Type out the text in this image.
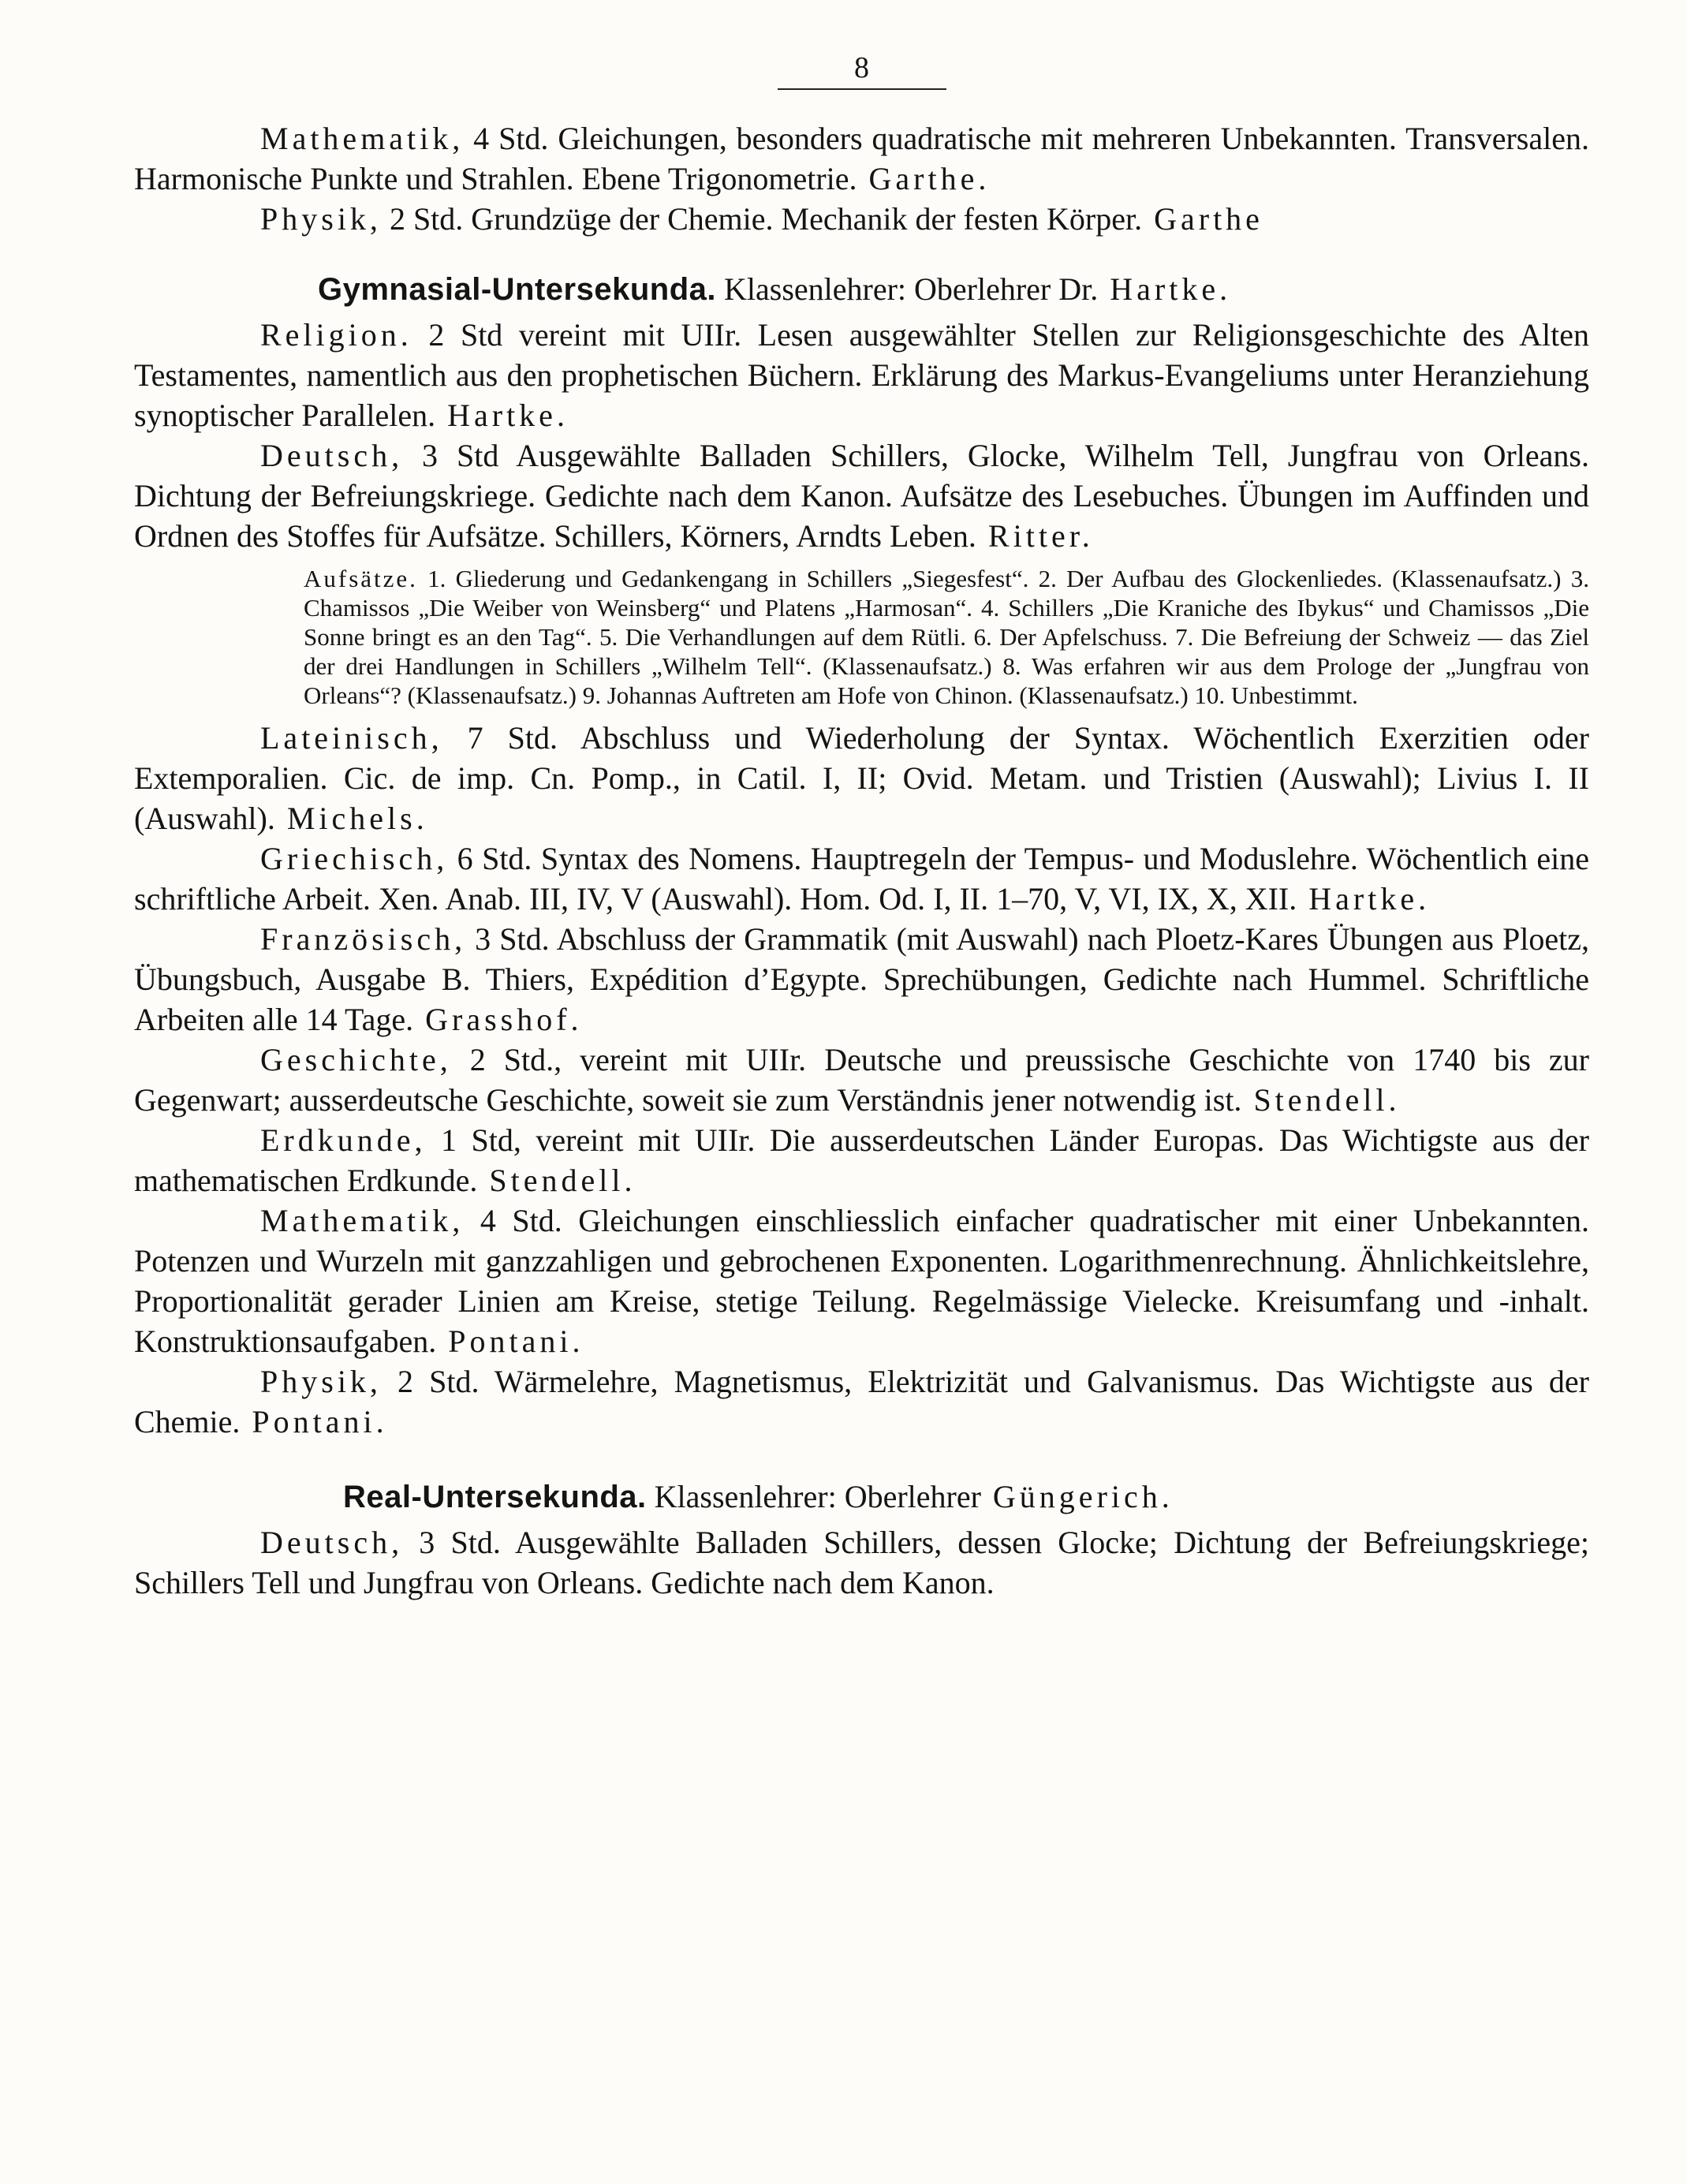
8

Mathematik, 4 Std. Gleichungen, besonders quadratische mit mehreren Unbekannten. Transversalen. Harmonische Punkte und Strahlen. Ebene Trigonometrie. Garthe.

Physik, 2 Std. Grundzüge der Chemie. Mechanik der festen Körper. Garthe

Gymnasial-Untersekunda. Klassenlehrer: Oberlehrer Dr. Hartke.

Religion. 2 Std vereint mit UIIr. Lesen ausgewählter Stellen zur Religionsgeschichte des Alten Testamentes, namentlich aus den prophetischen Büchern. Erklärung des Markus-Evangeliums unter Heranziehung synoptischer Parallelen. Hartke.

Deutsch, 3 Std Ausgewählte Balladen Schillers, Glocke, Wilhelm Tell, Jungfrau von Orleans. Dichtung der Befreiungskriege. Gedichte nach dem Kanon. Aufsätze des Lesebuches. Übungen im Auffinden und Ordnen des Stoffes für Aufsätze. Schillers, Körners, Arndts Leben. Ritter.

Aufsätze. 1. Gliederung und Gedankengang in Schillers „Siegesfest“. 2. Der Aufbau des Glockenliedes. (Klassenaufsatz.) 3. Chamissos „Die Weiber von Weinsberg“ und Platens „Harmosan“. 4. Schillers „Die Kraniche des Ibykus“ und Chamissos „Die Sonne bringt es an den Tag“. 5. Die Verhandlungen auf dem Rütli. 6. Der Apfelschuss. 7. Die Befreiung der Schweiz — das Ziel der drei Handlungen in Schillers „Wilhelm Tell“. (Klassenaufsatz.) 8. Was erfahren wir aus dem Prologe der „Jungfrau von Orleans“? (Klassenaufsatz.) 9. Johannas Auftreten am Hofe von Chinon. (Klassenaufsatz.) 10. Unbestimmt.

Lateinisch, 7 Std. Abschluss und Wiederholung der Syntax. Wöchentlich Exerzitien oder Extemporalien. Cic. de imp. Cn. Pomp., in Catil. I, II; Ovid. Metam. und Tristien (Auswahl); Livius I. II (Auswahl). Michels.

Griechisch, 6 Std. Syntax des Nomens. Hauptregeln der Tempus- und Moduslehre. Wöchentlich eine schriftliche Arbeit. Xen. Anab. III, IV, V (Auswahl). Hom. Od. I, II. 1–70, V, VI, IX, X, XII. Hartke.

Französisch, 3 Std. Abschluss der Grammatik (mit Auswahl) nach Ploetz-Kares Übungen aus Ploetz, Übungsbuch, Ausgabe B. Thiers, Expédition d’Egypte. Sprechübungen, Gedichte nach Hummel. Schriftliche Arbeiten alle 14 Tage. Grasshof.

Geschichte, 2 Std., vereint mit UIIr. Deutsche und preussische Geschichte von 1740 bis zur Gegenwart; ausserdeutsche Geschichte, soweit sie zum Verständnis jener notwendig ist. Stendell.

Erdkunde, 1 Std, vereint mit UIIr. Die ausserdeutschen Länder Europas. Das Wichtigste aus der mathematischen Erdkunde. Stendell.

Mathematik, 4 Std. Gleichungen einschliesslich einfacher quadratischer mit einer Unbekannten. Potenzen und Wurzeln mit ganzzahligen und gebrochenen Exponenten. Logarithmenrechnung. Ähnlichkeitslehre, Proportionalität gerader Linien am Kreise, stetige Teilung. Regelmässige Vielecke. Kreisumfang und -inhalt. Konstruktionsaufgaben. Pontani.

Physik, 2 Std. Wärmelehre, Magnetismus, Elektrizität und Galvanismus. Das Wichtigste aus der Chemie. Pontani.

Real-Untersekunda. Klassenlehrer: Oberlehrer Güngerich.

Deutsch, 3 Std. Ausgewählte Balladen Schillers, dessen Glocke; Dichtung der Befreiungskriege; Schillers Tell und Jungfrau von Orleans. Gedichte nach dem Kanon.
